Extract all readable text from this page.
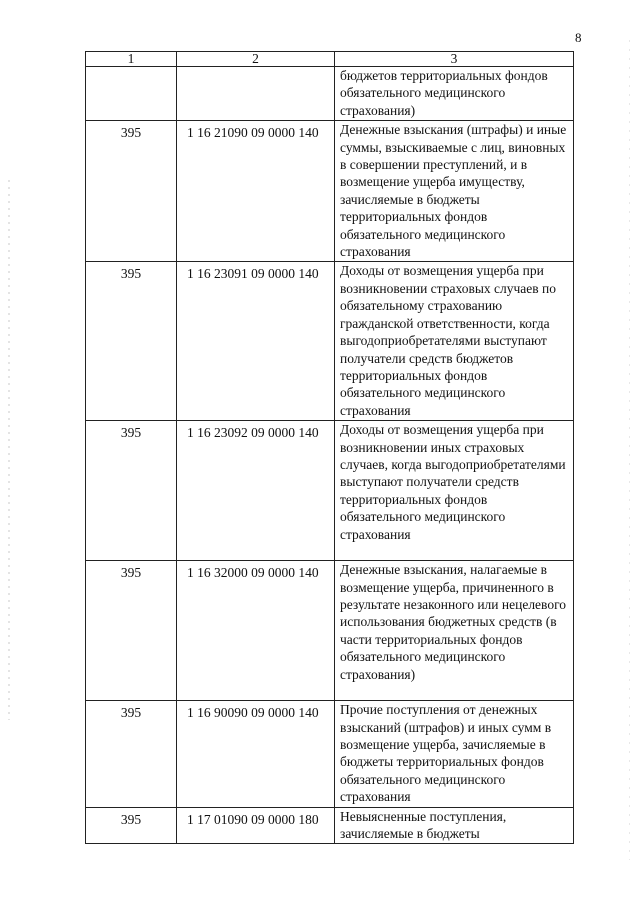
8
1	2	3
		бюджетов территориальных фондов обязательного медицинского страхования)
395	1 16 21090 09 0000 140	Денежные взыскания (штрафы) и иные суммы, взыскиваемые с лиц, виновных в совершении преступлений, и в возмещение ущерба имуществу, зачисляемые в бюджеты территориальных фондов обязательного медицинского страхования
395	1 16 23091 09 0000 140	Доходы от возмещения ущерба при возникновении страховых случаев по обязательному страхованию гражданской ответственности, когда выгодоприобретателями выступают получатели средств бюджетов территориальных фондов обязательного медицинского страхования
395	1 16 23092 09 0000 140	Доходы от возмещения ущерба при возникновении иных страховых случаев, когда выгодоприобретателями выступают получатели средств территориальных фондов обязательного медицинского страхования
395	1 16 32000 09 0000 140	Денежные взыскания, налагаемые в возмещение ущерба, причиненного в результате незаконного или нецелевого использования бюджетных средств (в части территориальных фондов обязательного медицинского страхования)
395	1 16 90090 09 0000 140	Прочие поступления от денежных взысканий (штрафов) и иных сумм в возмещение ущерба, зачисляемые в бюджеты территориальных фондов обязательного медицинского страхования
395	1 17 01090 09 0000 180	Невыясненные поступления, зачисляемые в бюджеты
